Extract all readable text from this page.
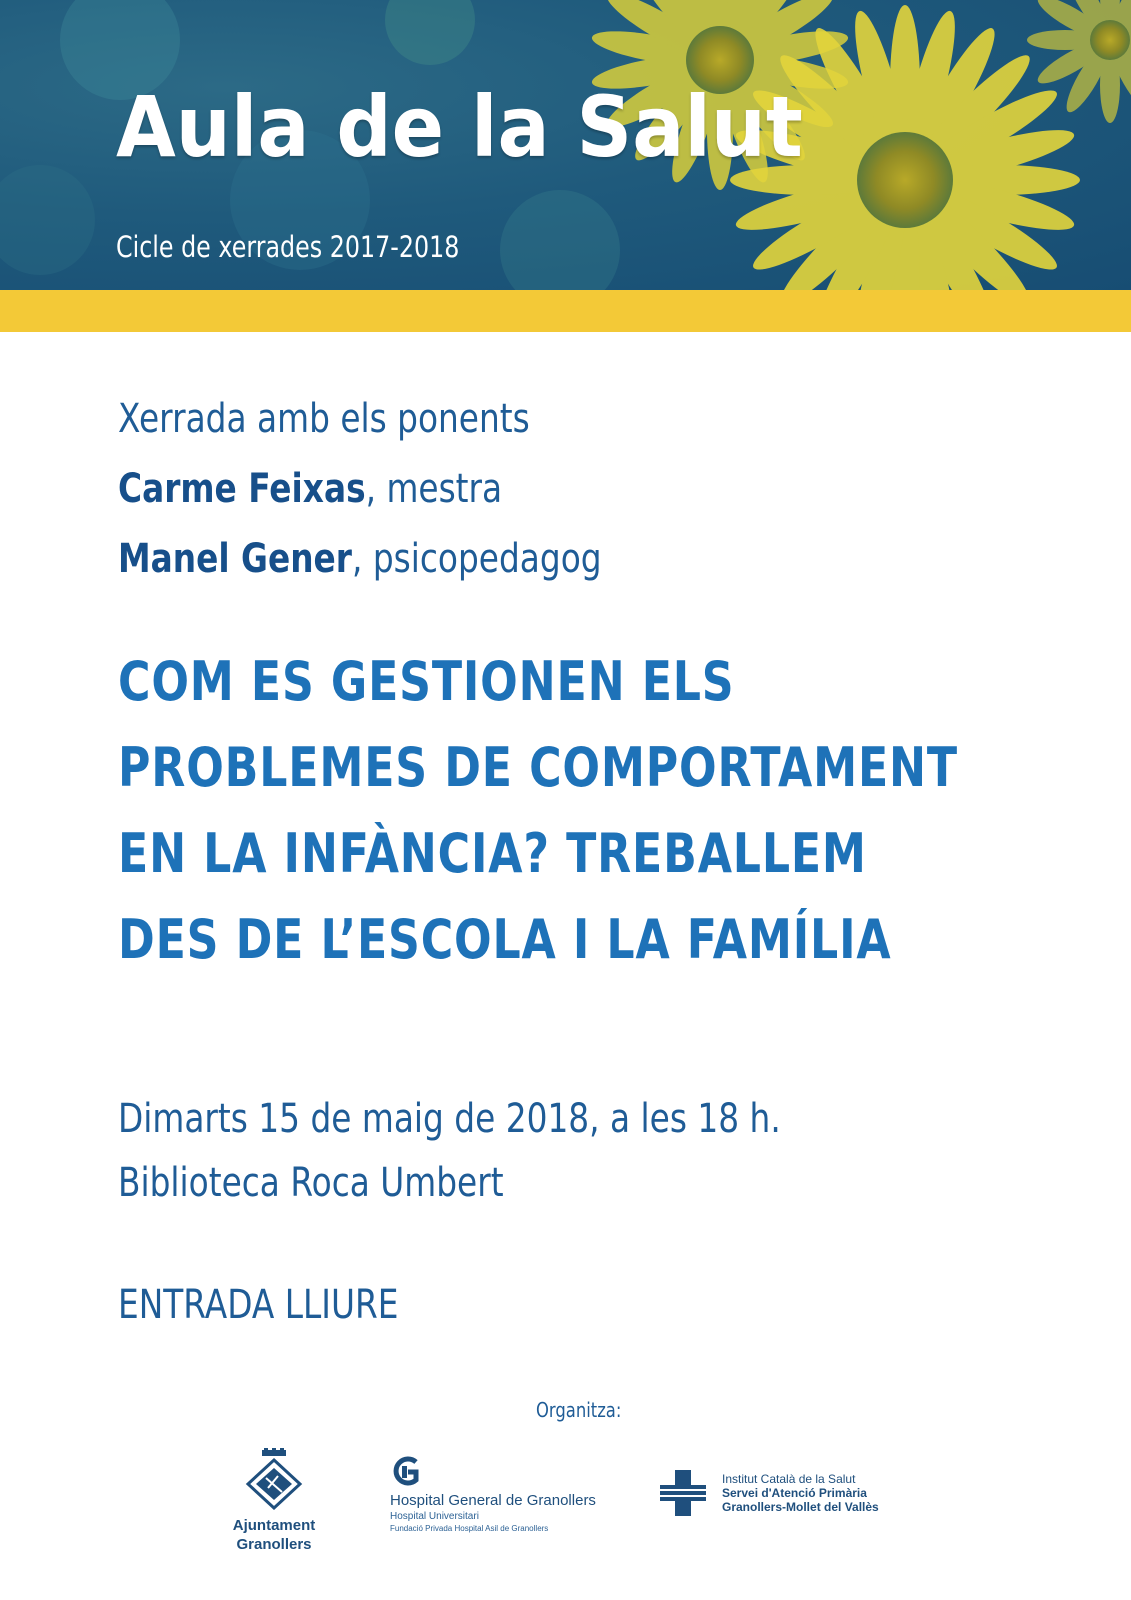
Aula de la Salut
Cicle de xerrades 2017-2018
Xerrada amb els ponents
Carme Feixas, mestra
Manel Gener, psicopedagog
COM ES GESTIONEN ELS
PROBLEMES DE COMPORTAMENT
EN LA INFÀNCIA? TREBALLEM
DES DE L’ESCOLA I LA FAMÍLIA
Dimarts 15 de maig de 2018, a les 18 h.
Biblioteca Roca Umbert
ENTRADA LLIURE
Organitza:
Ajuntament
Granollers
Hospital General de Granollers
Hospital Universitari
Fundació Privada Hospital Asil de Granollers
Institut Català de la Salut
Servei d'Atenció Primària
Granollers-Mollet del Vallès
